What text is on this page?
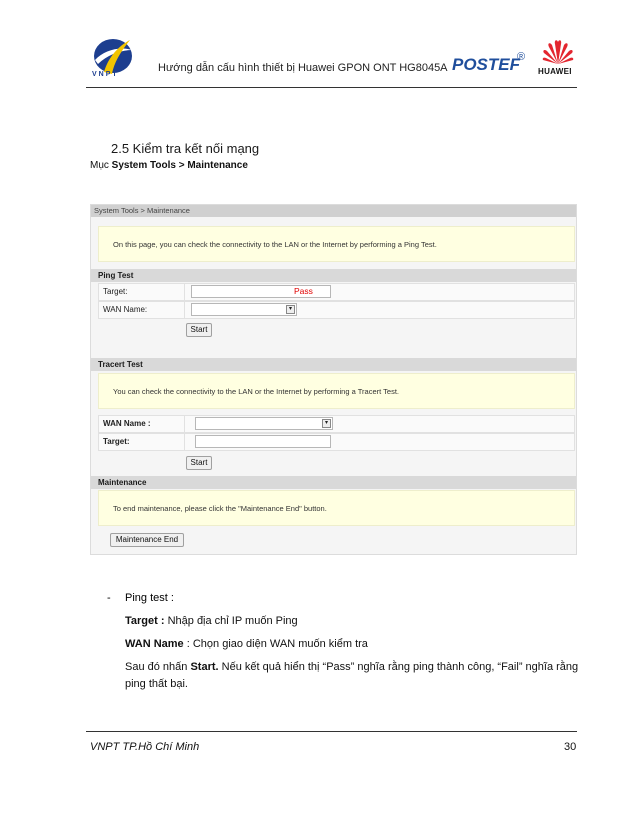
VNPT
Hướng dẫn cấu hình thiết bị Huawei GPON ONT HG8045A POSTEF
®
HUAWEI
2.5 Kiểm tra kết nối mạng
Mục System Tools > Maintenance
System Tools > Maintenance
On this page, you can check the connectivity to the LAN or the Internet by performing a Ping Test.
Ping Test
Target:	Pass
WAN Name:	▾
Start
Tracert Test
You can check the connectivity to the LAN or the Internet by performing a Tracert Test.
WAN Name :	▾
Target:
Start
Maintenance
To end maintenance, please click the "Maintenance End" button.
Maintenance End
- Ping test :
Target : Nhập địa chỉ IP muốn Ping
WAN Name : Chọn giao diện WAN muốn kiểm tra
Sau đó nhấn Start. Nếu kết quả hiển thị “Pass” nghĩa rằng ping thành công, “Fail” nghĩa rằng
ping thất bại.
VNPT TP.Hồ Chí Minh	30
